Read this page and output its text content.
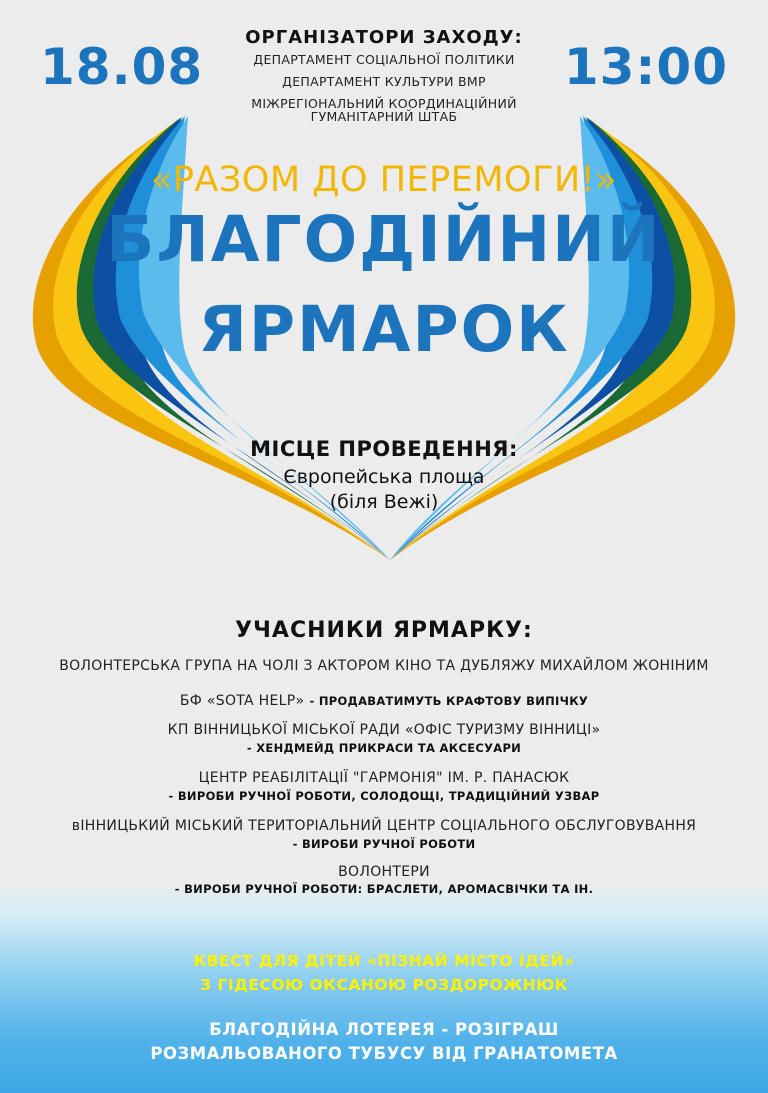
18.08	13:00

ОРГАНІЗАТОРИ ЗАХОДУ:

ДЕПАРТАМЕНТ СОЦІАЛЬНОЇ ПОЛІТИКИ

ДЕПАРТАМЕНТ КУЛЬТУРИ ВМР

МІЖРЕГІОНАЛЬНИЙ КООРДИНАЦІЙНИЙ

ГУМАНІТАРНИЙ ШТАБ

«РАЗОМ ДО ПЕРЕМОГИ!»

БЛАГОДІЙНИЙ

ЯРМАРОК

МІСЦЕ ПРОВЕДЕННЯ:

Європейська площа

(біля Вежі)

УЧАСНИКИ ЯРМАРКУ:

ВОЛОНТЕРСЬКА ГРУПА НА ЧОЛІ З АКТОРОМ КІНО ТА ДУБЛЯЖУ МИХАЙЛОМ ЖОНІНИМ

БФ «SOTA HELP» - ПРОДАВАТИМУТЬ КРАФТОВУ ВИПІЧКУ

КП ВІННИЦЬКОЇ МІСЬКОЇ РАДИ «ОФІС ТУРИЗМУ ВІННИЦІ»

- ХЕНДМЕЙД ПРИКРАСИ ТА АКСЕСУАРИ

ЦЕНТР РЕАБІЛІТАЦІЇ "ГАРМОНІЯ" ІМ. Р. ПАНАСЮК

- ВИРОБИ РУЧНОЇ РОБОТИ, СОЛОДОЩІ, ТРАДИЦІЙНИЙ УЗВАР

вІННИЦЬКИЙ МІСЬКИЙ ТЕРИТОРІАЛЬНИЙ ЦЕНТР СОЦІАЛЬНОГО ОБСЛУГОВУВАННЯ

- ВИРОБИ РУЧНОЇ РОБОТИ

ВОЛОНТЕРИ

- ВИРОБИ РУЧНОЇ РОБОТИ: БРАСЛЕТИ, АРОМАСВІЧКИ ТА ІН.

КВЕСТ ДЛЯ ДІТЕЙ «ПІЗНАЙ МІСТО ІДЕЙ»

З ГІДЕСОЮ ОКСАНОЮ РОЗДОРОЖНЮК

БЛАГОДІЙНА ЛОТЕРЕЯ - РОЗІГРАШ

РОЗМАЛЬОВАНОГО ТУБУСУ ВІД ГРАНАТОМЕТА
